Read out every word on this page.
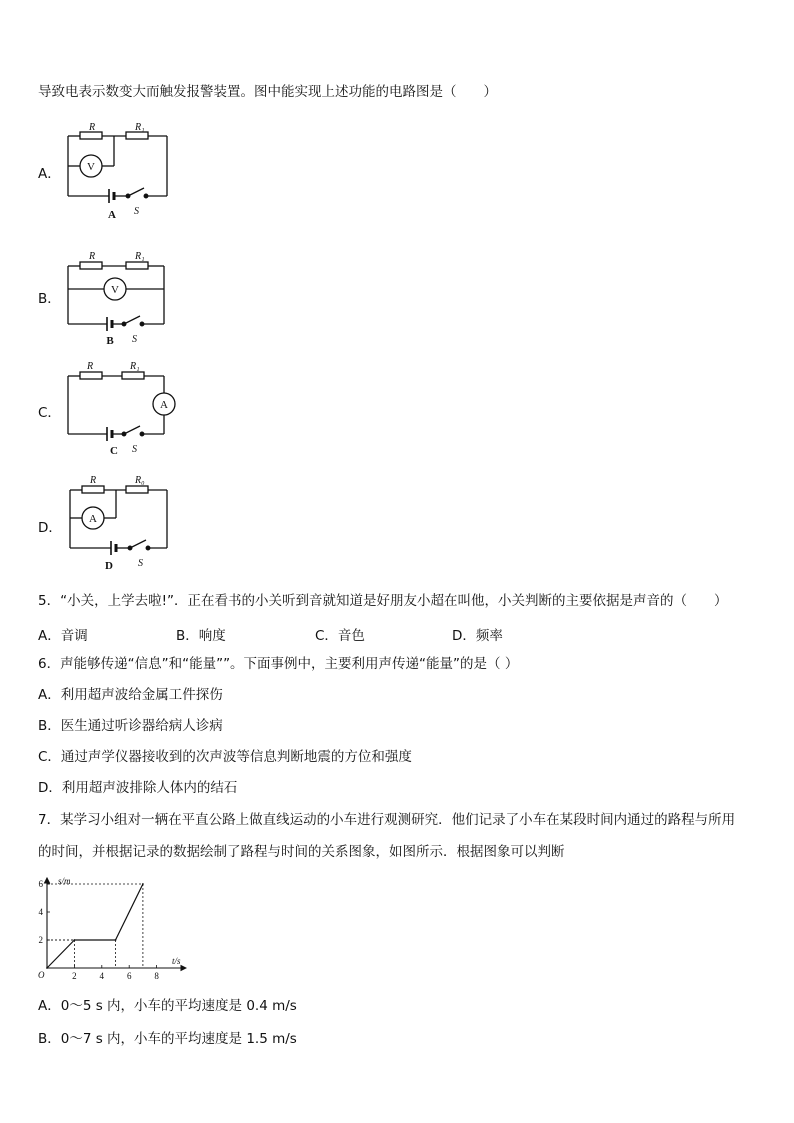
导致电表示数变大而触发报警装置。图中能实现上述功能的电路图是（　　）
A．
R	R₁
V
S
A
B．
R	R₁
V
S
B
C．
R	R₁
A
S
C
D．
R	R₀
A
S
D
5．“小关，上学去啦!”．正在看书的小关听到音就知道是好朋友小超在叫他，小关判断的主要依据是声音的（　　）
A．音调	B．响度	C．音色	D．频率
6．声能够传递“信息”和“能量””。下面事例中，主要利用声传递“能量”的是（ ）
A．利用超声波给金属工件探伤
B．医生通过听诊器给病人诊病
C．通过声学仪器接收到的次声波等信息判断地震的方位和强度
D．利用超声波排除人体内的结石
7．某学习小组对一辆在平直公路上做直线运动的小车进行观测研究．他们记录了小车在某段时间内通过的路程与所用
的时间，并根据记录的数据绘制了路程与时间的关系图象，如图所示．根据图象可以判断
s/m
t/s
O	2	4	6	8
2
4
6
A．0～5 s 内，小车的平均速度是 0.4 m/s
B．0～7 s 内，小车的平均速度是 1.5 m/s
